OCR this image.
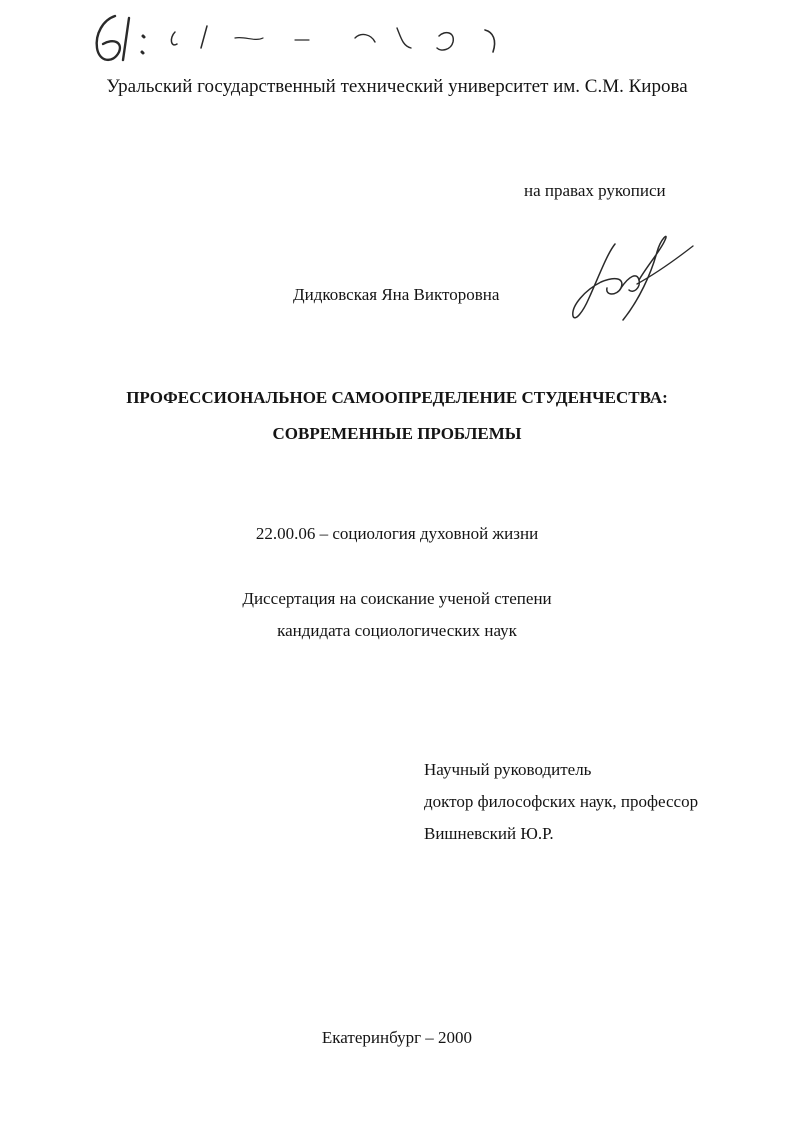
Уральский государственный технический университет им. С.М. Кирова
на правах рукописи
Дидковская Яна Викторовна
ПРОФЕССИОНАЛЬНОЕ САМООПРЕДЕЛЕНИЕ СТУДЕНЧЕСТВА:
СОВРЕМЕННЫЕ ПРОБЛЕМЫ
22.00.06 – социология духовной жизни
Диссертация на соискание ученой степени
кандидата социологических наук
Научный руководитель
доктор философских наук, профессор
Вишневский Ю.Р.
Екатеринбург – 2000
